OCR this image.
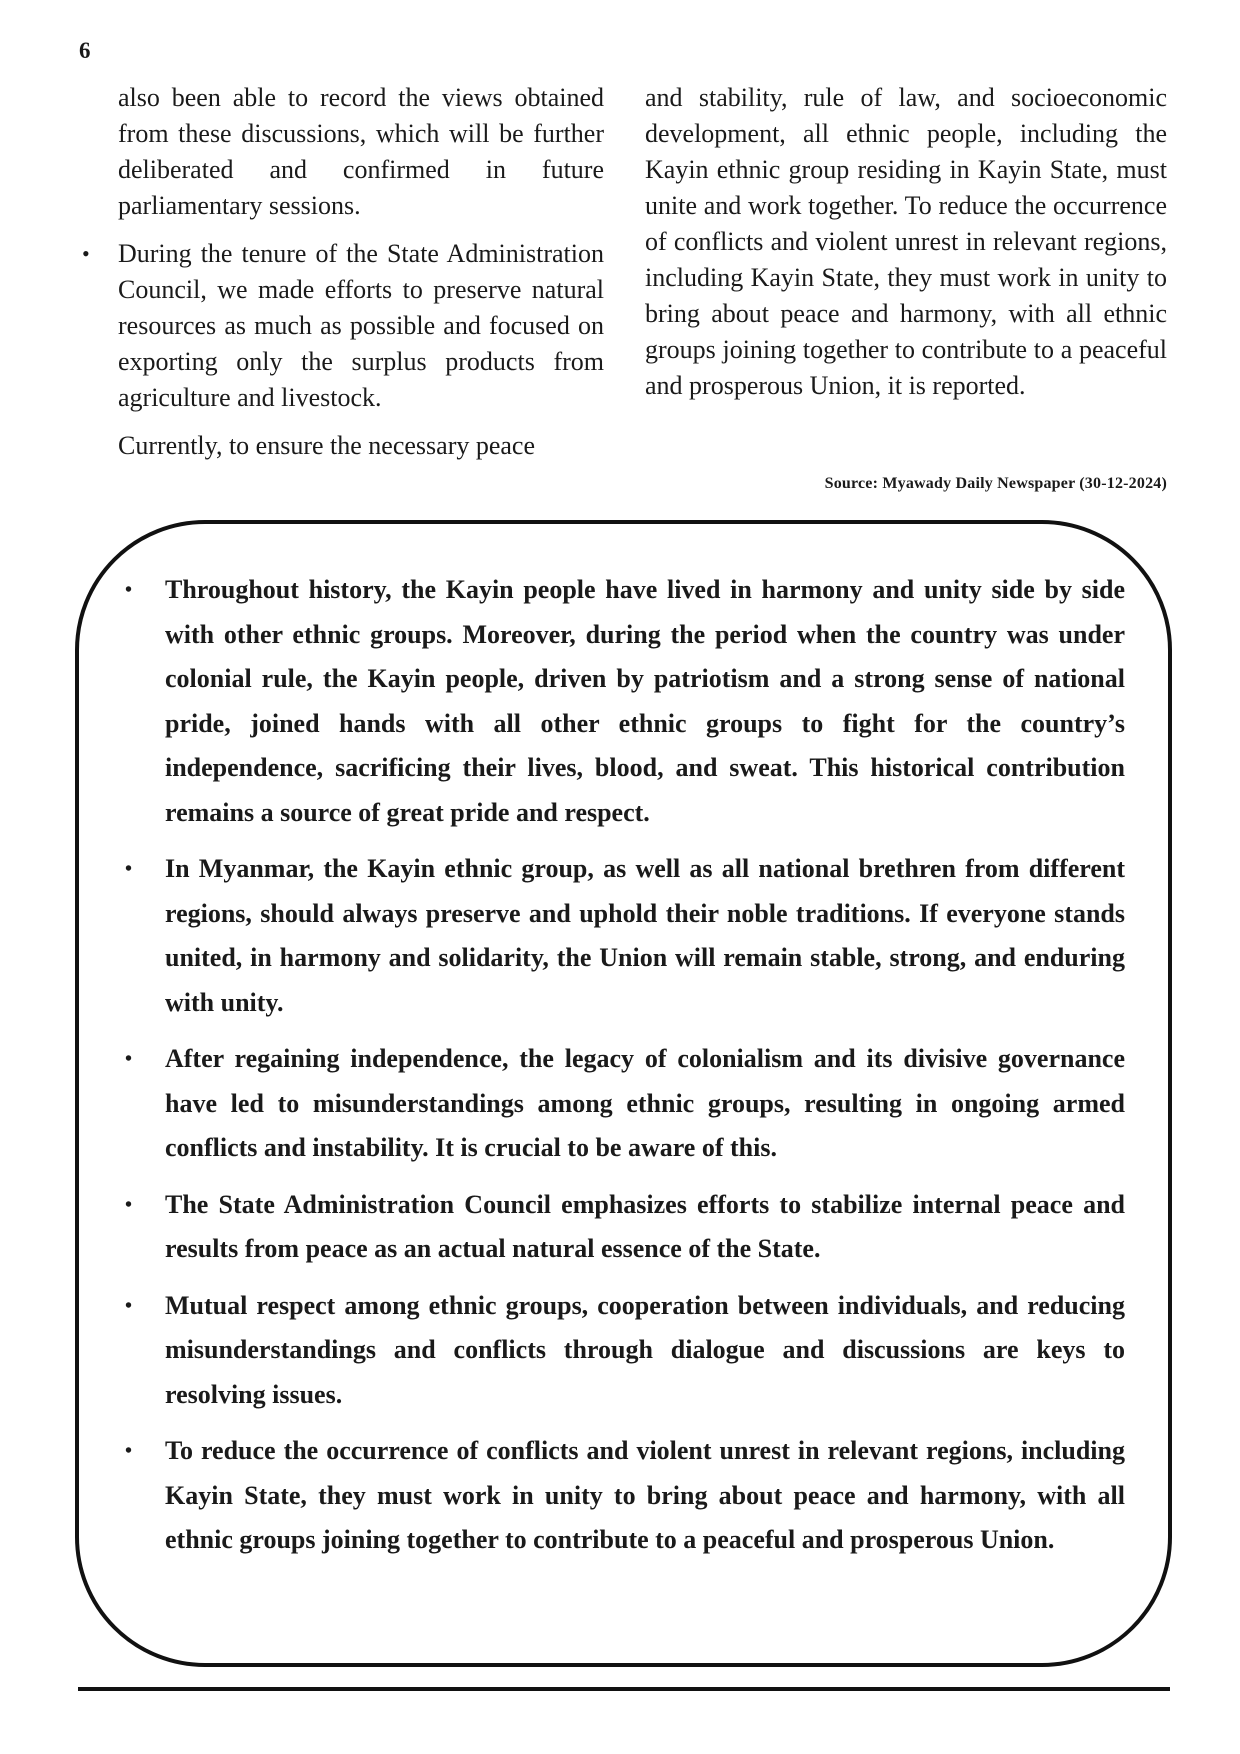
6

also been able to record the views obtained from these discussions, which will be further deliberated and confirmed in future parliamentary sessions.

• During the tenure of the State Administration Council, we made efforts to preserve natural resources as much as possible and focused on exporting only the surplus products from agriculture and livestock.

Currently, to ensure the necessary peace

and stability, rule of law, and socioeconomic development, all ethnic people, including the Kayin ethnic group residing in Kayin State, must unite and work together. To reduce the occurrence of conflicts and violent unrest in relevant regions, including Kayin State, they must work in unity to bring about peace and harmony, with all ethnic groups joining together to contribute to a peaceful and prosperous Union, it is reported.

Source: Myawady Daily Newspaper (30-12-2024)
• Throughout history, the Kayin people have lived in harmony and unity side by side with other ethnic groups. Moreover, during the period when the country was under colonial rule, the Kayin people, driven by patriotism and a strong sense of national pride, joined hands with all other ethnic groups to fight for the country’s independence, sacrificing their lives, blood, and sweat. This historical contribution remains a source of great pride and respect.
• In Myanmar, the Kayin ethnic group, as well as all national brethren from different regions, should always preserve and uphold their noble traditions. If everyone stands united, in harmony and solidarity, the Union will remain stable, strong, and enduring with unity.
• After regaining independence, the legacy of colonialism and its divisive governance have led to misunderstandings among ethnic groups, resulting in ongoing armed conflicts and instability. It is crucial to be aware of this.
• The State Administration Council emphasizes efforts to stabilize internal peace and results from peace as an actual natural essence of the State.
• Mutual respect among ethnic groups, cooperation between individuals, and reducing misunderstandings and conflicts through dialogue and discussions are keys to resolving issues.
• To reduce the occurrence of conflicts and violent unrest in relevant regions, including Kayin State, they must work in unity to bring about peace and harmony, with all ethnic groups joining together to contribute to a peaceful and prosperous Union.
